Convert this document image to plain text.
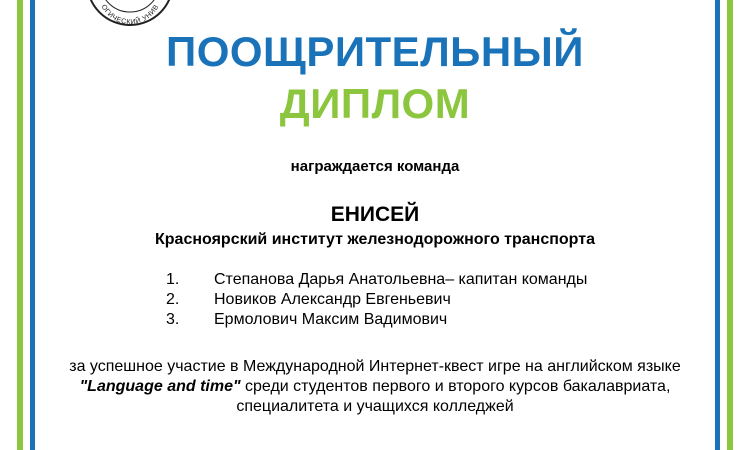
ОГИЧЕСКИЙ УНИВ
ПООЩРИТЕЛЬНЫЙ
ДИПЛОМ
награждается команда
ЕНИСЕЙ
Красноярский институт железнодорожного транспорта
1. Степанова Дарья Анатольевна– капитан команды
2. Новиков Александр Евгеньевич
3. Ермолович Максим Вадимович
за успешное участие в Международной Интернет-квест игре на английском языке "Language and time" среди студентов первого и второго курсов бакалавриата, специалитета и учащихся колледжей
